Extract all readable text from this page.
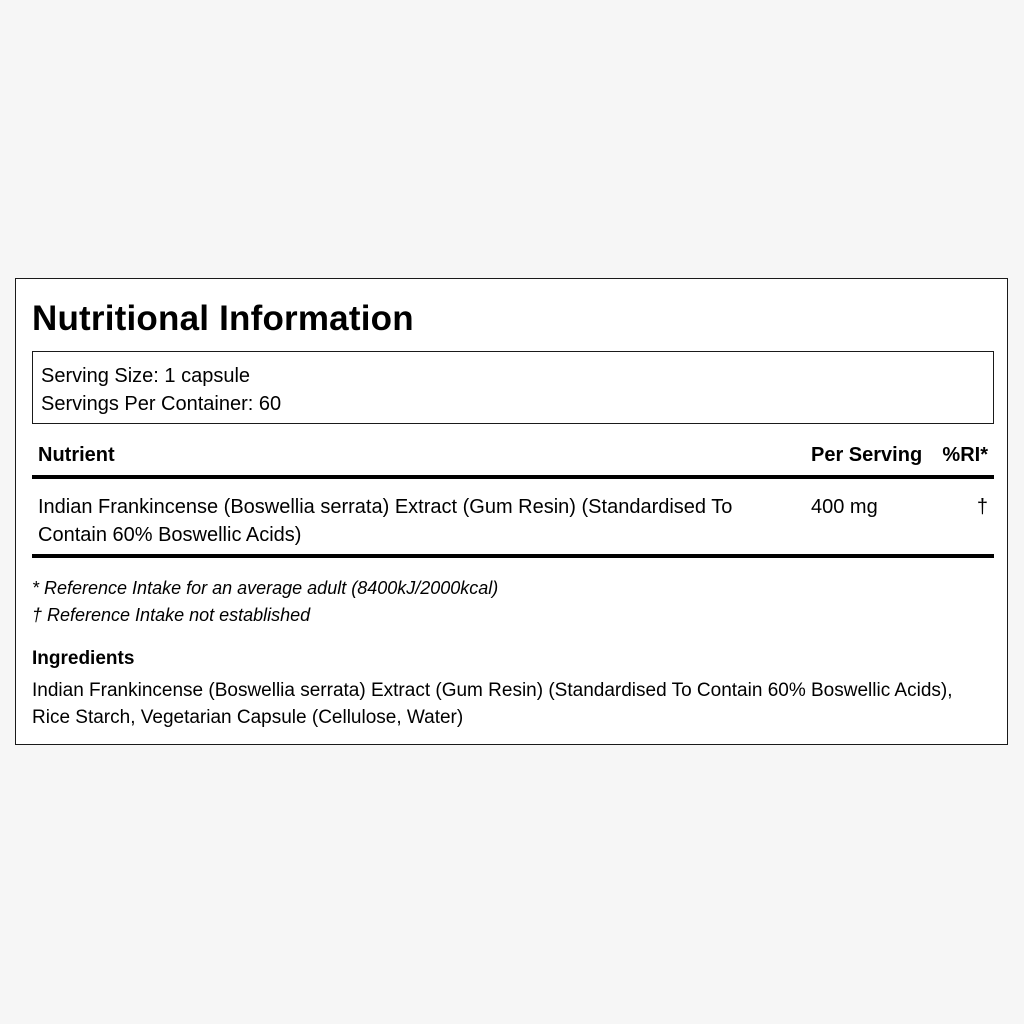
Nutritional Information
Serving Size: 1 capsule
Servings Per Container: 60
Nutrient	Per Serving %RI*
Indian Frankincense (Boswellia serrata) Extract (Gum Resin) (Standardised To Contain 60% Boswellic Acids)
400 mg	†
* Reference Intake for an average adult (8400kJ/2000kcal)
† Reference Intake not established
Ingredients
Indian Frankincense (Boswellia serrata) Extract (Gum Resin) (Standardised To Contain 60% Boswellic Acids), Rice Starch, Vegetarian Capsule (Cellulose, Water)
